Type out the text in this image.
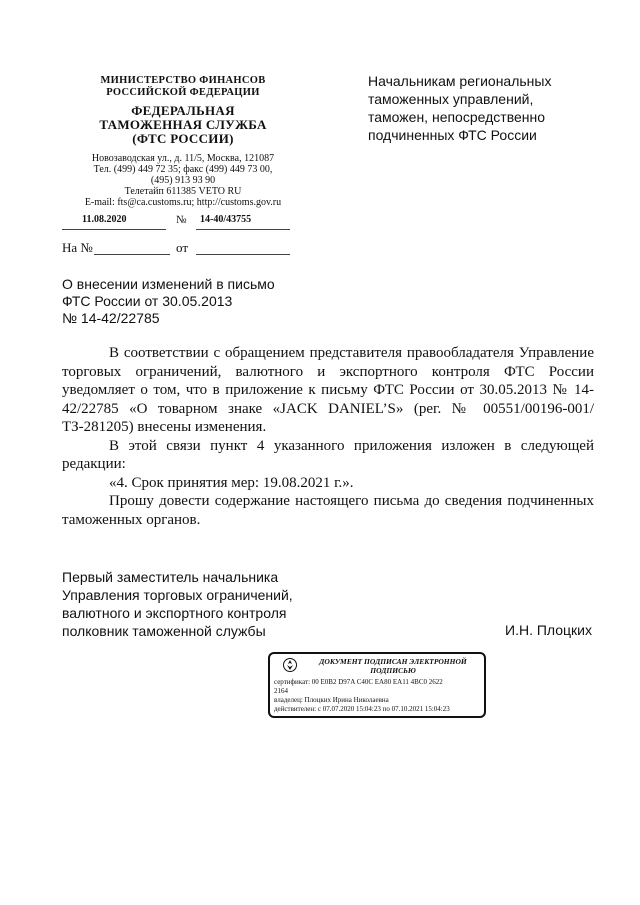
МИНИСТЕРСТВО ФИНАНСОВ
РОССИЙСКОЙ ФЕДЕРАЦИИ
ФЕДЕРАЛЬНАЯ
ТАМОЖЕННАЯ СЛУЖБА
(ФТС РОССИИ)
Новозаводская ул., д. 11/5, Москва, 121087
Тел. (499) 449 72 35; факс (499) 449 73 00,
(495) 913 93 90
Телетайп 611385 VETO RU
E-mail: fts@ca.customs.ru; http://customs.gov.ru
11.08.2020	№ 14-40/43755
На №	от
Начальникам региональных
таможенных управлений,
таможен, непосредственно
подчиненных ФТС России
О внесении изменений в письмо
ФТС России от 30.05.2013
№ 14-42/22785

В соответствии с обращением представителя правообладателя Управление торговых ограничений, валютного и экспортного контроля ФТС России уведомляет о том, что в приложение к письму ФТС России от 30.05.2013 № 14-42/22785 «О товарном знаке «JACK DANIEL’S» (рег. № 00551/00196-001/ТЗ-281205) внесены изменения.

В этой связи пункт 4 указанного приложения изложен в следующей редакции:

«4. Срок принятия мер: 19.08.2021 г.».

Прошу довести содержание настоящего письма до сведения подчиненных таможенных органов.

Первый заместитель начальника
Управления торговых ограничений,
валютного и экспортного контроля
полковник таможенной службы	И.Н. Плоцких
ДОКУМЕНТ ПОДПИСАН ЭЛЕКТРОННОЙ
ПОДПИСЬЮ
сертификат: 00 E0B2 D97A C40C EA80 EA11 4BC0 2622
2164
владелец: Плоцких Ирина Николаевна
действителен: с 07.07.2020 15:04:23 по 07.10.2021 15:04:23
